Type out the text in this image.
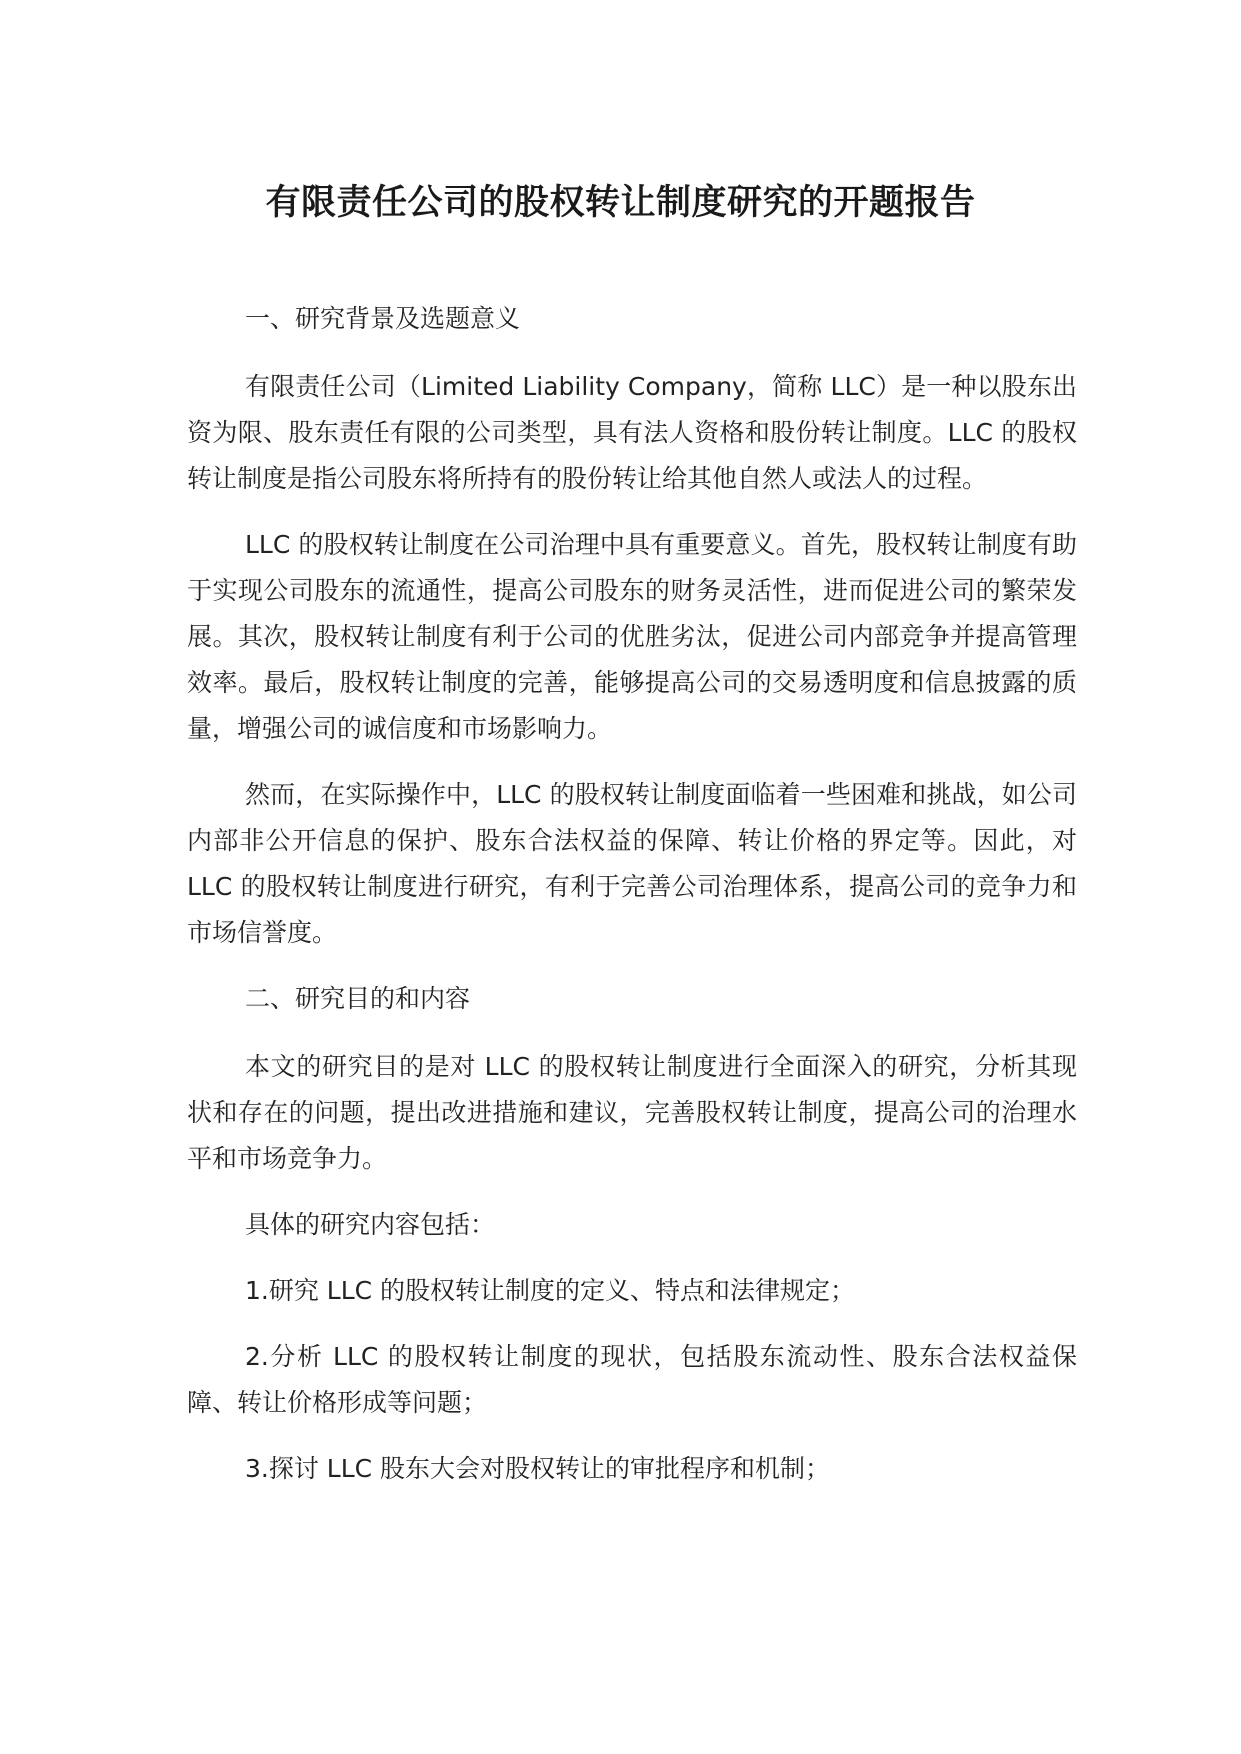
有限责任公司的股权转让制度研究的开题报告

一、研究背景及选题意义

有限责任公司（Limited Liability Company，简称 LLC）是一种以股东出资为限、股东责任有限的公司类型，具有法人资格和股份转让制度。LLC 的股权转让制度是指公司股东将所持有的股份转让给其他自然人或法人的过程。

LLC 的股权转让制度在公司治理中具有重要意义。首先，股权转让制度有助于实现公司股东的流通性，提高公司股东的财务灵活性，进而促进公司的繁荣发展。其次，股权转让制度有利于公司的优胜劣汰，促进公司内部竞争并提高管理效率。最后，股权转让制度的完善，能够提高公司的交易透明度和信息披露的质量，增强公司的诚信度和市场影响力。

然而，在实际操作中，LLC 的股权转让制度面临着一些困难和挑战，如公司内部非公开信息的保护、股东合法权益的保障、转让价格的界定等。因此，对 LLC 的股权转让制度进行研究，有利于完善公司治理体系，提高公司的竞争力和市场信誉度。

二、研究目的和内容

本文的研究目的是对 LLC 的股权转让制度进行全面深入的研究，分析其现状和存在的问题，提出改进措施和建议，完善股权转让制度，提高公司的治理水平和市场竞争力。

具体的研究内容包括：

1.研究 LLC 的股权转让制度的定义、特点和法律规定；

2.分析 LLC 的股权转让制度的现状，包括股东流动性、股东合法权益保障、转让价格形成等问题；

3.探讨 LLC 股东大会对股权转让的审批程序和机制；
